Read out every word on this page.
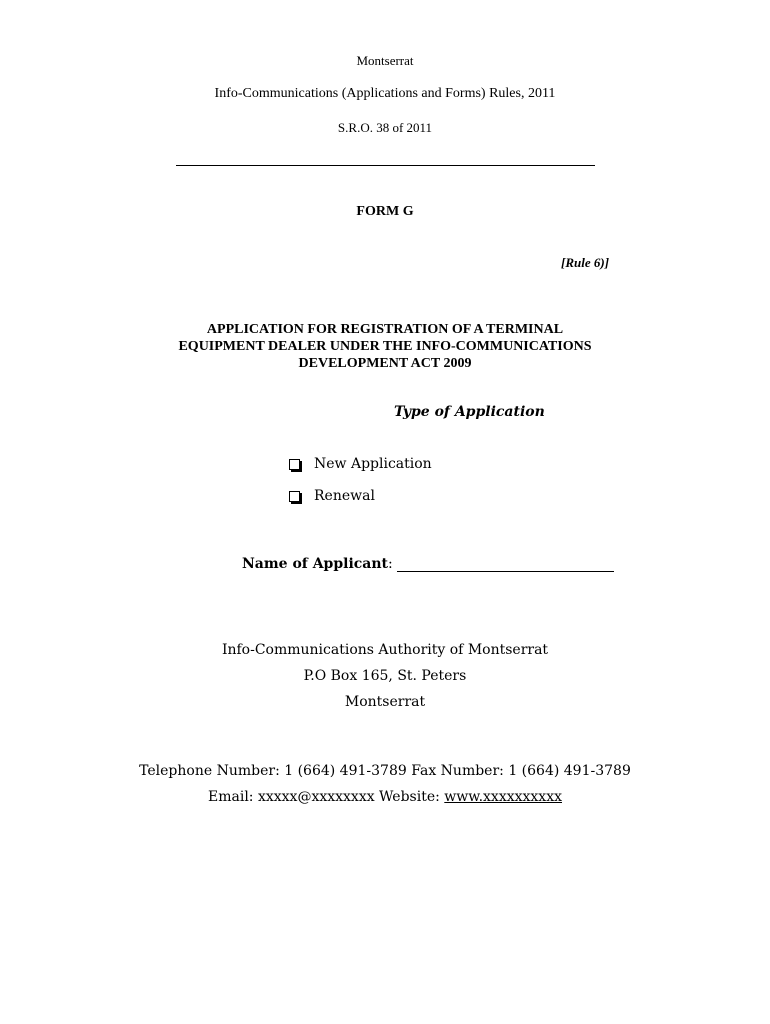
Montserrat
Info-Communications (Applications and Forms) Rules, 2011
S.R.O. 38 of 2011
FORM G
[Rule 6)]
APPLICATION FOR REGISTRATION OF A TERMINAL
EQUIPMENT DEALER UNDER THE INFO-COMMUNICATIONS
DEVELOPMENT ACT 2009
Type of Application
New Application
Renewal
Name of Applicant :
Info-Communications Authority of Montserrat
P.O Box 165, St. Peters
Montserrat
Telephone Number: 1 (664) 491-3789 Fax Number: 1 (664) 491-3789
Email: xxxxx@xxxxxxxx Website: www.xxxxxxxxxx
